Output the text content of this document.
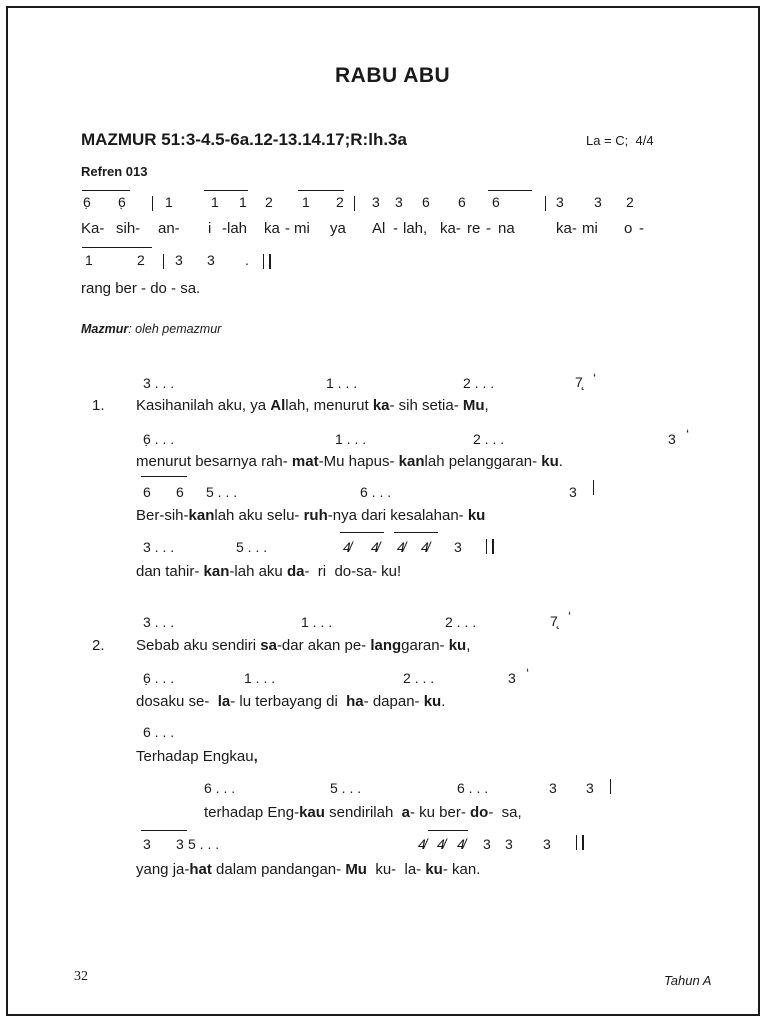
RABU ABU
MAZMUR 51:3-4.5-6a.12-13.14.17;R:lh.3a	La = C;  4/4
Refren 013
6̣ 6̣	1	1 1 2 1 2 3 3 6 6 6	3 3 2
Ka- sih- an- i -lah ka - mi ya Al - lah, ka- re - na	ka- mi o -
1	2 3 3 .
rang ber - do - sa.
Mazmur: oleh pemazmur
3 . . .	1 . . .	2 . . .	7̨ ‘
1. Kasihanilah aku, ya Allah, menurut ka- sih setia- Mu,
6̣ . . .	1 . . .	2 . . .	3 ‘
menurut besarnya rah- mat-Mu hapus- kanlah pelanggaran- ku.
6 6 5 . . .	6 . . .	3
Ber-sih-kanlah aku selu- ruh-nya dari kesalahan- ku
3 . . .	5 . . .	4̸ 4̸ 4̸ 4̸ 3
dan tahir- kan-lah aku da-  ri  do-sa- ku!
3 . . .	1 . . .	2 . . .	7̨ ‘
2. Sebab aku sendiri sa-dar akan pe- langgaran- ku,
6̣ . . .	1 . . .	2 . . .	3 ‘
dosaku se-  la- lu terbayang di  ha- dapan- ku.
6 . . .
Terhadap Engkau,
6 . . .	5 . . .	6 . . .	3 3
terhadap Eng-kau sendirilah  a- ku ber- do-  sa,
3 3 5 . . .	4̸ 4̸ 4̸ 3 3 3
yang ja-hat dalam pandangan- Mu  ku-  la- ku- kan.
32	Tahun A
